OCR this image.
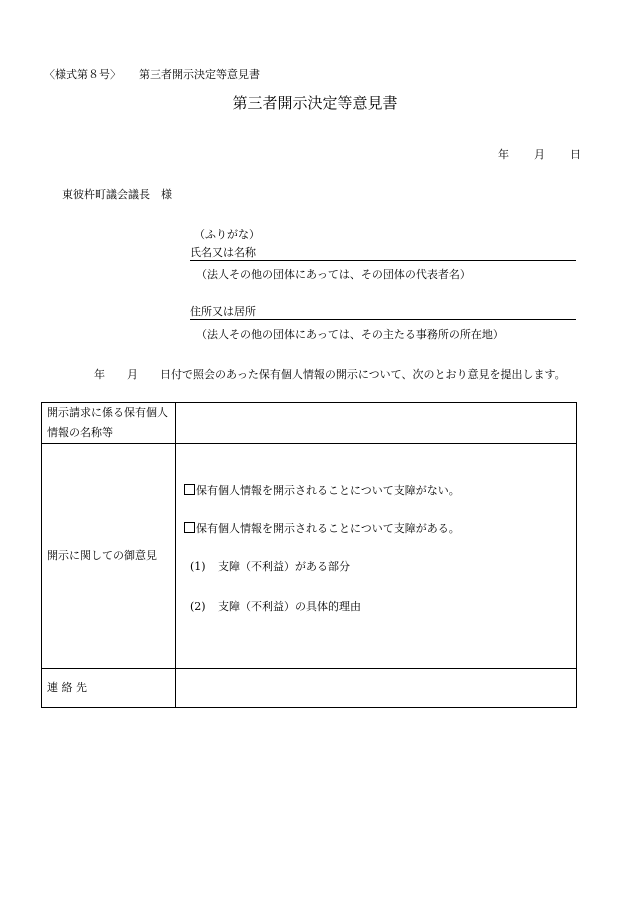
〈様式第８号〉 第三者開示決定等意見書
第三者開示決定等意見書
年 月 日
東彼杵町議会議長　様
（ふりがな）
氏名又は名称
（法人その他の団体にあっては、その団体の代表者名）
住所又は居所
（法人その他の団体にあっては、その主たる事務所の所在地）
年 月 日付で照会のあった保有個人情報の開示について、次のとおり意見を提出します。
開示請求に係る保有個人情報の名称等	
開示に関しての御意見	保有個人情報を開示されることについて支障がない。
保有個人情報を開示されることについて支障がある。
(1) 支障（不利益）がある部分
(2) 支障（不利益）の具体的理由

連 絡 先	
